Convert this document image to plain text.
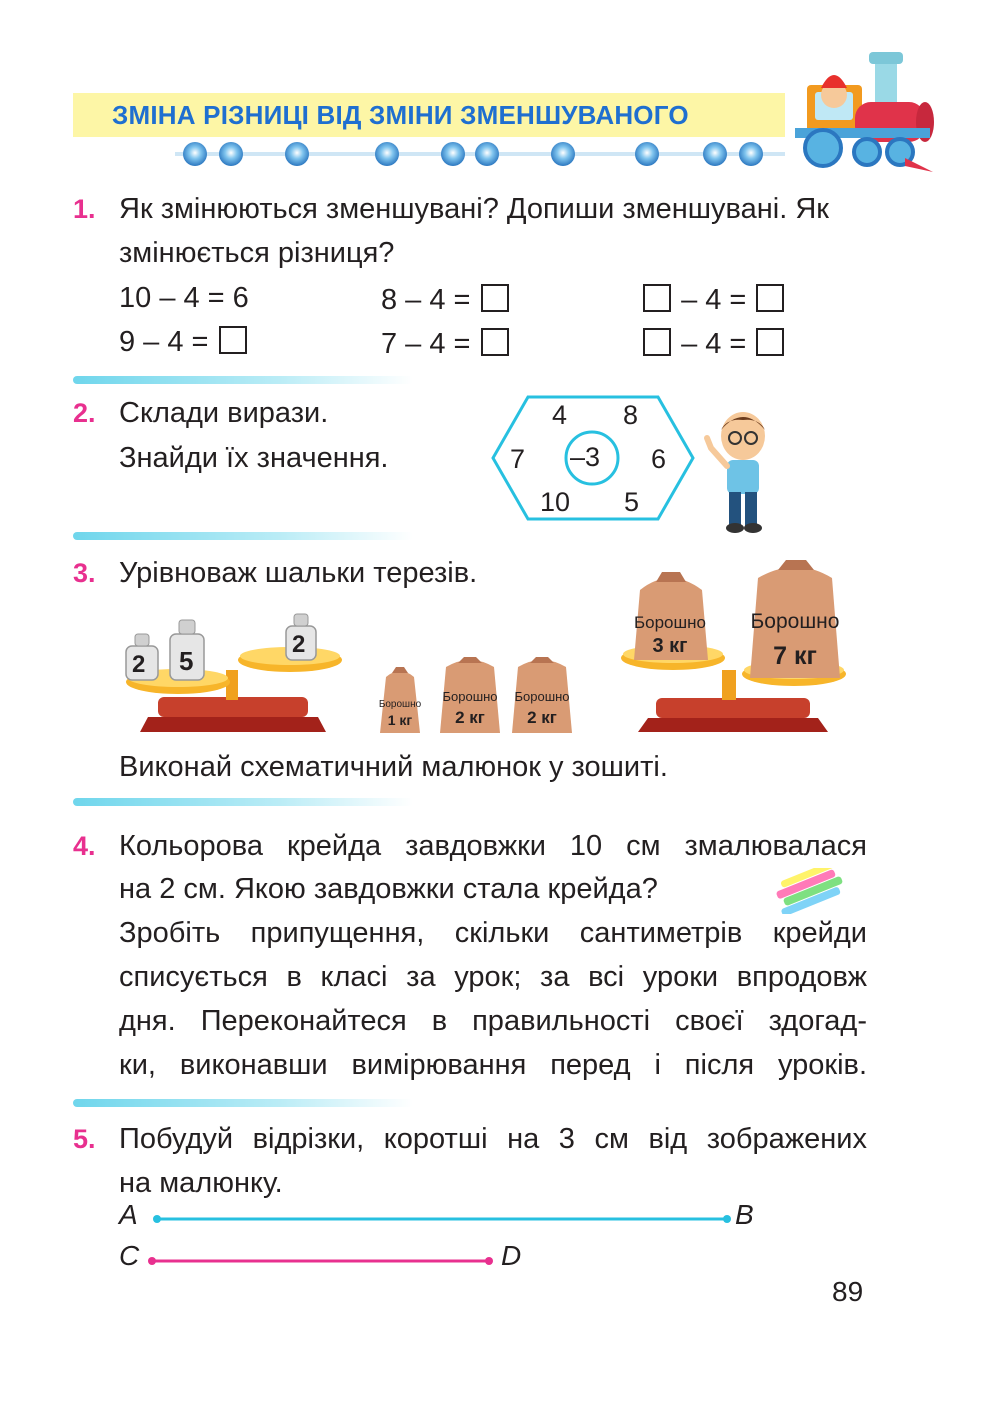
ЗМІНА РІЗНИЦІ ВІД ЗМІНИ ЗМЕНШУВАНОГО
1. Як змінюються зменшувані? Допиши зменшувані. Як
змінюється різниця?
10 – 4 = 6
9 – 4 =
8 – 4 =
7 – 4 =
– 4 =
– 4 =
2. Склади вирази.
Знайди їх значення.
4 8
6
5
10
7 –3
3. Урівноваж шальки терезів.
2 5
2
Борошно
1 кг
Борошно
2 кг
Борошно
2 кг
Борошно
3 кг
Борошно
7 кг
Виконай схематичний малюнок у зошиті.
4. Кольорова крейда завдовжки 10 см змалювалася
на 2 см. Якою завдовжки стала крейда?
Зробіть припущення, скільки сантиметрів крейди
списується в класі за урок; за всі уроки впродовж
дня. Переконайтеся в правильності своєї здогад-
ки, виконавши вимірювання перед і після уроків.
5. Побудуй відрізки, коротші на 3 см від зображених
на малюнку.
A	B
C	D
89
